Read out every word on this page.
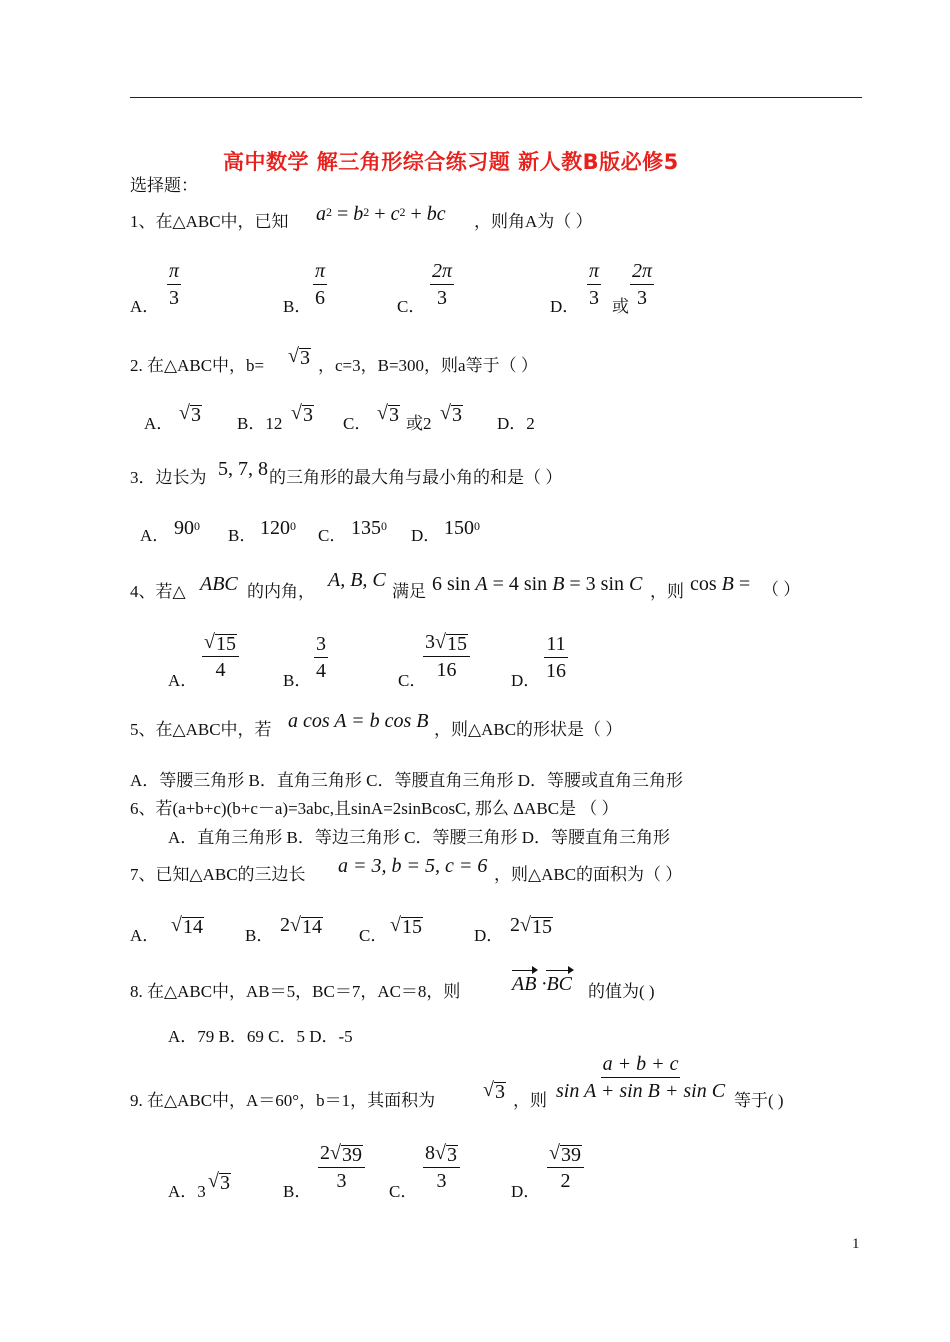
高中数学 解三角形综合练习题 新人教B版必修5
选择题：
1、在△ABC中，已知 $a^2 = b^2 + c^2$ + bc ，则角A为（ ）
A． $\frac{\pi}{3}$	B． $\frac{\pi}{6}$	C． $\frac{2\pi}{3}$	D． $\frac{\pi}{3}$ 或 $\frac{2\pi}{3}$
2. 在△ABC中，b= √ 3 ，c=3，B=300，则a等于（ ）
A． √ 3 B．12 √ 3 C． √ 3 或2 √ 3 D．2
3．边长为 5, 7, 8 的三角形的最大角与最小角的和是（ ）
A． $90^0$ B． $120^0$ C． $135^0$ D． $150^0$
4、若△ ABC 的内角，
A, B, C
满足 6 sin A = 4 sin B = 3 sin C ，则 cos B = （ ）
A． $\frac{√ 15}{4}$	B． $\frac{3}{4}$	C．
$\frac{3 √ 15}{16}$ D． $\frac{11}{16}$
5、在△ABC中，若 a cos A = b cos B ，则△ABC的形状是（ ）
A．等腰三角形 B．直角三角形 C．等腰直角三角形 D．等腰或直角三角形
6、若(a+b+c)(b+c－a)=3abc,且sinA=2sinBcosC, 那么 ΔABC是 （ ）
A．直角三角形 B．等边三角形 C．等腰三角形 D．等腰直角三角形
7、已知△ABC的三边长 a = 3, b = 5, c = 6 ，则△ABC的面积为（ ）
A． √ 14 B． 2 √ 14 C． √ 15	D． 2 √ 15
8. 在△ABC中，AB＝5，BC＝7，AC＝8，则	AB ·BC 的值为( )
A．79 B．69 C．5 D．-5
9. 在△ABC中，A＝60°，b＝1，其面积为 √ 3 ，则 $\frac{a + b + c}{\text{sin A + sin B + sin C}}$ 等于( )
A．3 √ 3	B． $\frac{2 √ 39}{3}$ C． $\frac{8 √ 3}{3}$	D． $\frac{√ 39}{2}$
1
